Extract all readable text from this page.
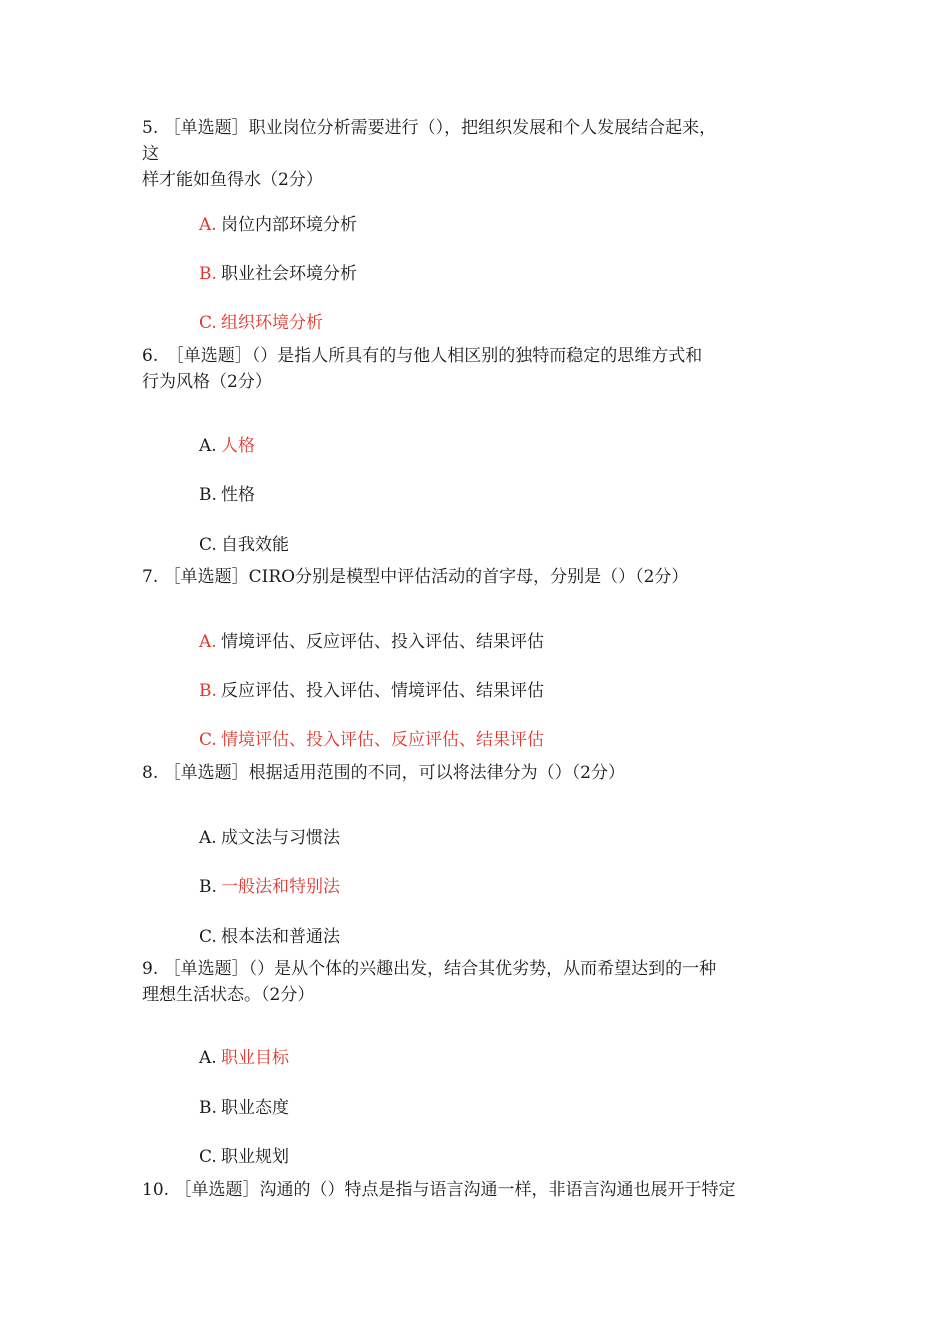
5. ［单选题］职业岗位分析需要进行（），把组织发展和个人发展结合起来，
这
样才能如鱼得水（2分）
A. 岗位内部环境分析
B. 职业社会环境分析
C. 组织环境分析
6.　［单选题］（）是指人所具有的与他人相区别的独特而稳定的思维方式和
行为风格（2分）
A. 人格
B. 性格
C. 自我效能
7. ［单选题］CIRO分别是模型中评估活动的首字母，分别是（）（2分）
A. 情境评估、反应评估、投入评估、结果评估
B. 反应评估、投入评估、情境评估、结果评估
C. 情境评估、投入评估、反应评估、结果评估
8. ［单选题］根据适用范围的不同，可以将法律分为（）（2分）
A. 成文法与习惯法
B. 一般法和特别法
C. 根本法和普通法
9. ［单选题］（）是从个体的兴趣出发，结合其优劣势，从而希望达到的一种
理想生活状态。（2分）
A. 职业目标
B. 职业态度
C. 职业规划
10. ［单选题］沟通的（）特点是指与语言沟通一样，非语言沟通也展开于特定
